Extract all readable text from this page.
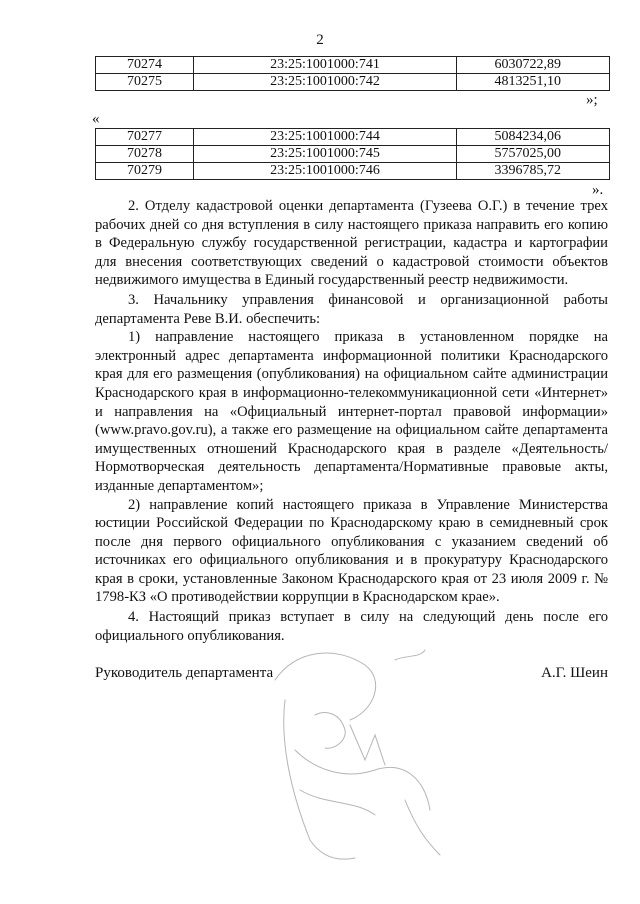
2
70274	23:25:1001000:741	6030722,89
70275	23:25:1001000:742	4813251,10
»;
«
70277	23:25:1001000:744	5084234,06
70278	23:25:1001000:745	5757025,00
70279	23:25:1001000:746	3396785,72
».

2. Отделу кадастровой оценки департамента (Гузеева О.Г.) в течение трех рабочих дней со дня вступления в силу настоящего приказа направить его копию в Федеральную службу государственной регистрации, кадастра и картографии для внесения соответствующих сведений о кадастровой стоимости объектов недвижимого имущества в Единый государственный реестр недвижимости.

3. Начальнику управления финансовой и организационной работы департамента Реве В.И. обеспечить:

1) направление настоящего приказа в установленном порядке на электронный адрес департамента информационной политики Краснодарского края для его размещения (опубликования) на официальном сайте администрации Краснодарского края в информационно-телекоммуникационной сети «Интернет» и направления на «Официальный интернет-портал правовой информации» (www.pravo.gov.ru), а также его размещение на официальном сайте департамента имущественных отношений Краснодарского края в разделе «Деятельность/Нормотворческая деятельность департамента/Нормативные правовые акты, изданные департаментом»;

2) направление копий настоящего приказа в Управление Министерства юстиции Российской Федерации по Краснодарскому краю в семидневный срок после дня первого официального опубликования с указанием сведений об источниках его официального опубликования и в прокуратуру Краснодарского края в сроки, установленные Законом Краснодарского края от 23 июля 2009 г. № 1798-КЗ «О противодействии коррупции в Краснодарском крае».

4. Настоящий приказ вступает в силу на следующий день после его официального опубликования.

Руководитель департамента	А.Г. Шеин
